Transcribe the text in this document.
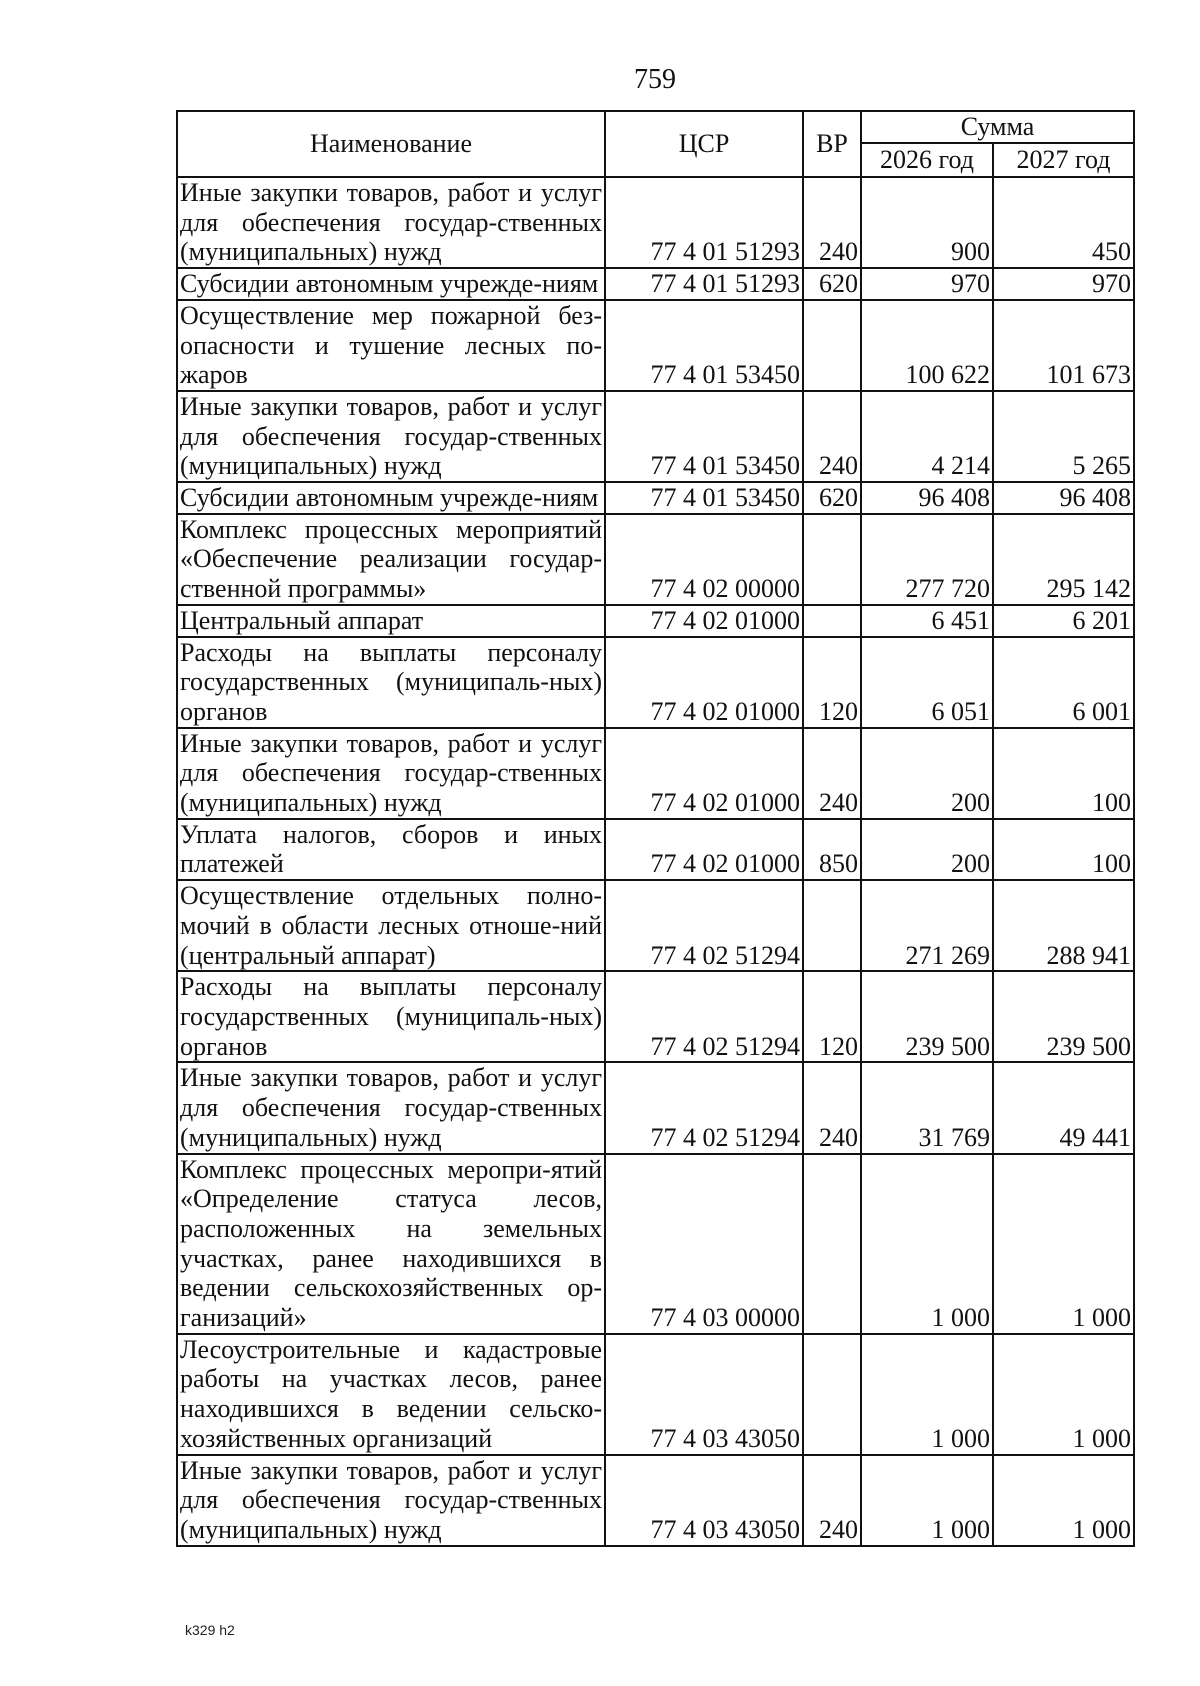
759
Наименование	ЦСР	ВР	Сумма	
			2026 год	2027 год
Иные закупки товаров, работ и услуг для обеспечения государ-ственных (муниципальных) нужд	77 4 01 51293	240	900	450
Субсидии автономным учрежде-ниям	77 4 01 51293	620	970	970
Осуществление мер пожарной без-опасности и тушение лесных по-жаров	77 4 01 53450		100 622	101 673
Иные закупки товаров, работ и услуг для обеспечения государ-ственных (муниципальных) нужд	77 4 01 53450	240	4 214	5 265
Субсидии автономным учрежде-ниям	77 4 01 53450	620	96 408	96 408
Комплекс процессных мероприятий «Обеспечение реализации государ-ственной программы»	77 4 02 00000		277 720	295 142
Центральный аппарат	77 4 02 01000		6 451	6 201
Расходы на выплаты персоналу государственных (муниципаль-ных) органов	77 4 02 01000	120	6 051	6 001
Иные закупки товаров, работ и услуг для обеспечения государ-ственных (муниципальных) нужд	77 4 02 01000	240	200	100
Уплата налогов, сборов и иных платежей	77 4 02 01000	850	200	100
Осуществление отдельных полно-мочий в области лесных отноше-ний (центральный аппарат)	77 4 02 51294		271 269	288 941
Расходы на выплаты персоналу государственных (муниципаль-ных) органов	77 4 02 51294	120	239 500	239 500
Иные закупки товаров, работ и услуг для обеспечения государ-ственных (муниципальных) нужд	77 4 02 51294	240	31 769	49 441
Комплекс процессных меропри-ятий «Определение статуса лесов, расположенных на земельных участках, ранее находившихся в ведении сельскохозяйственных ор-ганизаций»	77 4 03 00000		1 000	1 000
Лесоустроительные и кадастровые работы на участках лесов, ранее находившихся в ведении сельско-хозяйственных организаций	77 4 03 43050		1 000	1 000
Иные закупки товаров, работ и услуг для обеспечения государ-ственных (муниципальных) нужд	77 4 03 43050	240	1 000	1 000
k329 h2
